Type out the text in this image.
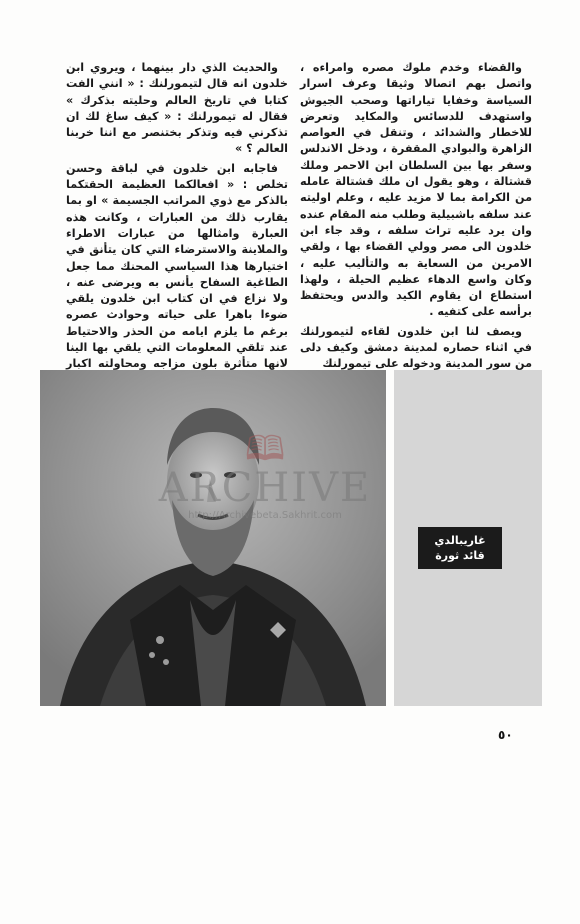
والقضاء وخدم ملوك مصره وامراءه ، واتصل بهم اتصالا وثيقا وعرف اسرار السياسة وخفايا تياراتها وصحب الجيوش واستهدف للدسائس والمكايد وتعرض للاخطار والشدائد ، وتنقل في العواصم الزاهرة والبوادي المقفرة ، ودخل الاندلس وسفر بها بين السلطان ابن الاحمر وملك قشتالة ، وهو يقول ان ملك قشتالة عامله من الكرامة بما لا مزيد عليه ، وعلم اوليته عند سلفه باشبيلية وطلب منه المقام عنده وان يرد عليه تراث سلفه ، وقد جاء ابن خلدون الى مصر وولي القضاء بها ، ولقي الامرين من السعاية به والتأليب عليه ، وكان واسع الدهاء عظيم الحيلة ، ولهذا استطاع ان يقاوم الكيد والدس ويحتفظ برأسه على كتفيه .

ويصف لنا ابن خلدون لقاءه لتيمورلنك في اثناء حصاره لمدينة دمشق وكيف دلى من سور المدينة ودخوله على تيمورلنك

والحديث الذي دار بينهما ، ويروي ابن خلدون انه قال لتيمورلنك : « انني الفت كتابا في تاريخ العالم وحليته بذكرك » فقال له تيمورلنك : « كيف ساغ لك ان تذكرني فيه وتذكر بختنصر مع اننا خربنا العالم ؟ »

فاجابه ابن خلدون في لباقة وحسن تخلص : « افعالكما العظيمة الحقتكما بالذكر مع ذوي المراتب الجسيمة » او بما يقارب ذلك من العبارات ، وكانت هذه العبارة وامثالها من عبارات الاطراء والملاينة والاسترضاء التي كان يتأنق في اختيارها هذا السياسي المحنك مما جعل الطاغية السفاح يأنس به ويرضى عنه ، ولا نزاع في ان كتاب ابن خلدون يلقي ضوءا باهرا على حياته وحوادث عصره برغم ما يلزم ايامه من الحذر والاحتياط عند تلقي المعلومات التي يلقي بها الينا لانها متأثرة بلون مزاجه ومحاولته اكبار

🕮
ARCHIVE
http://Archivebeta.Sakhrit.com
غاريبالدي قائد ثورة
٥٠
